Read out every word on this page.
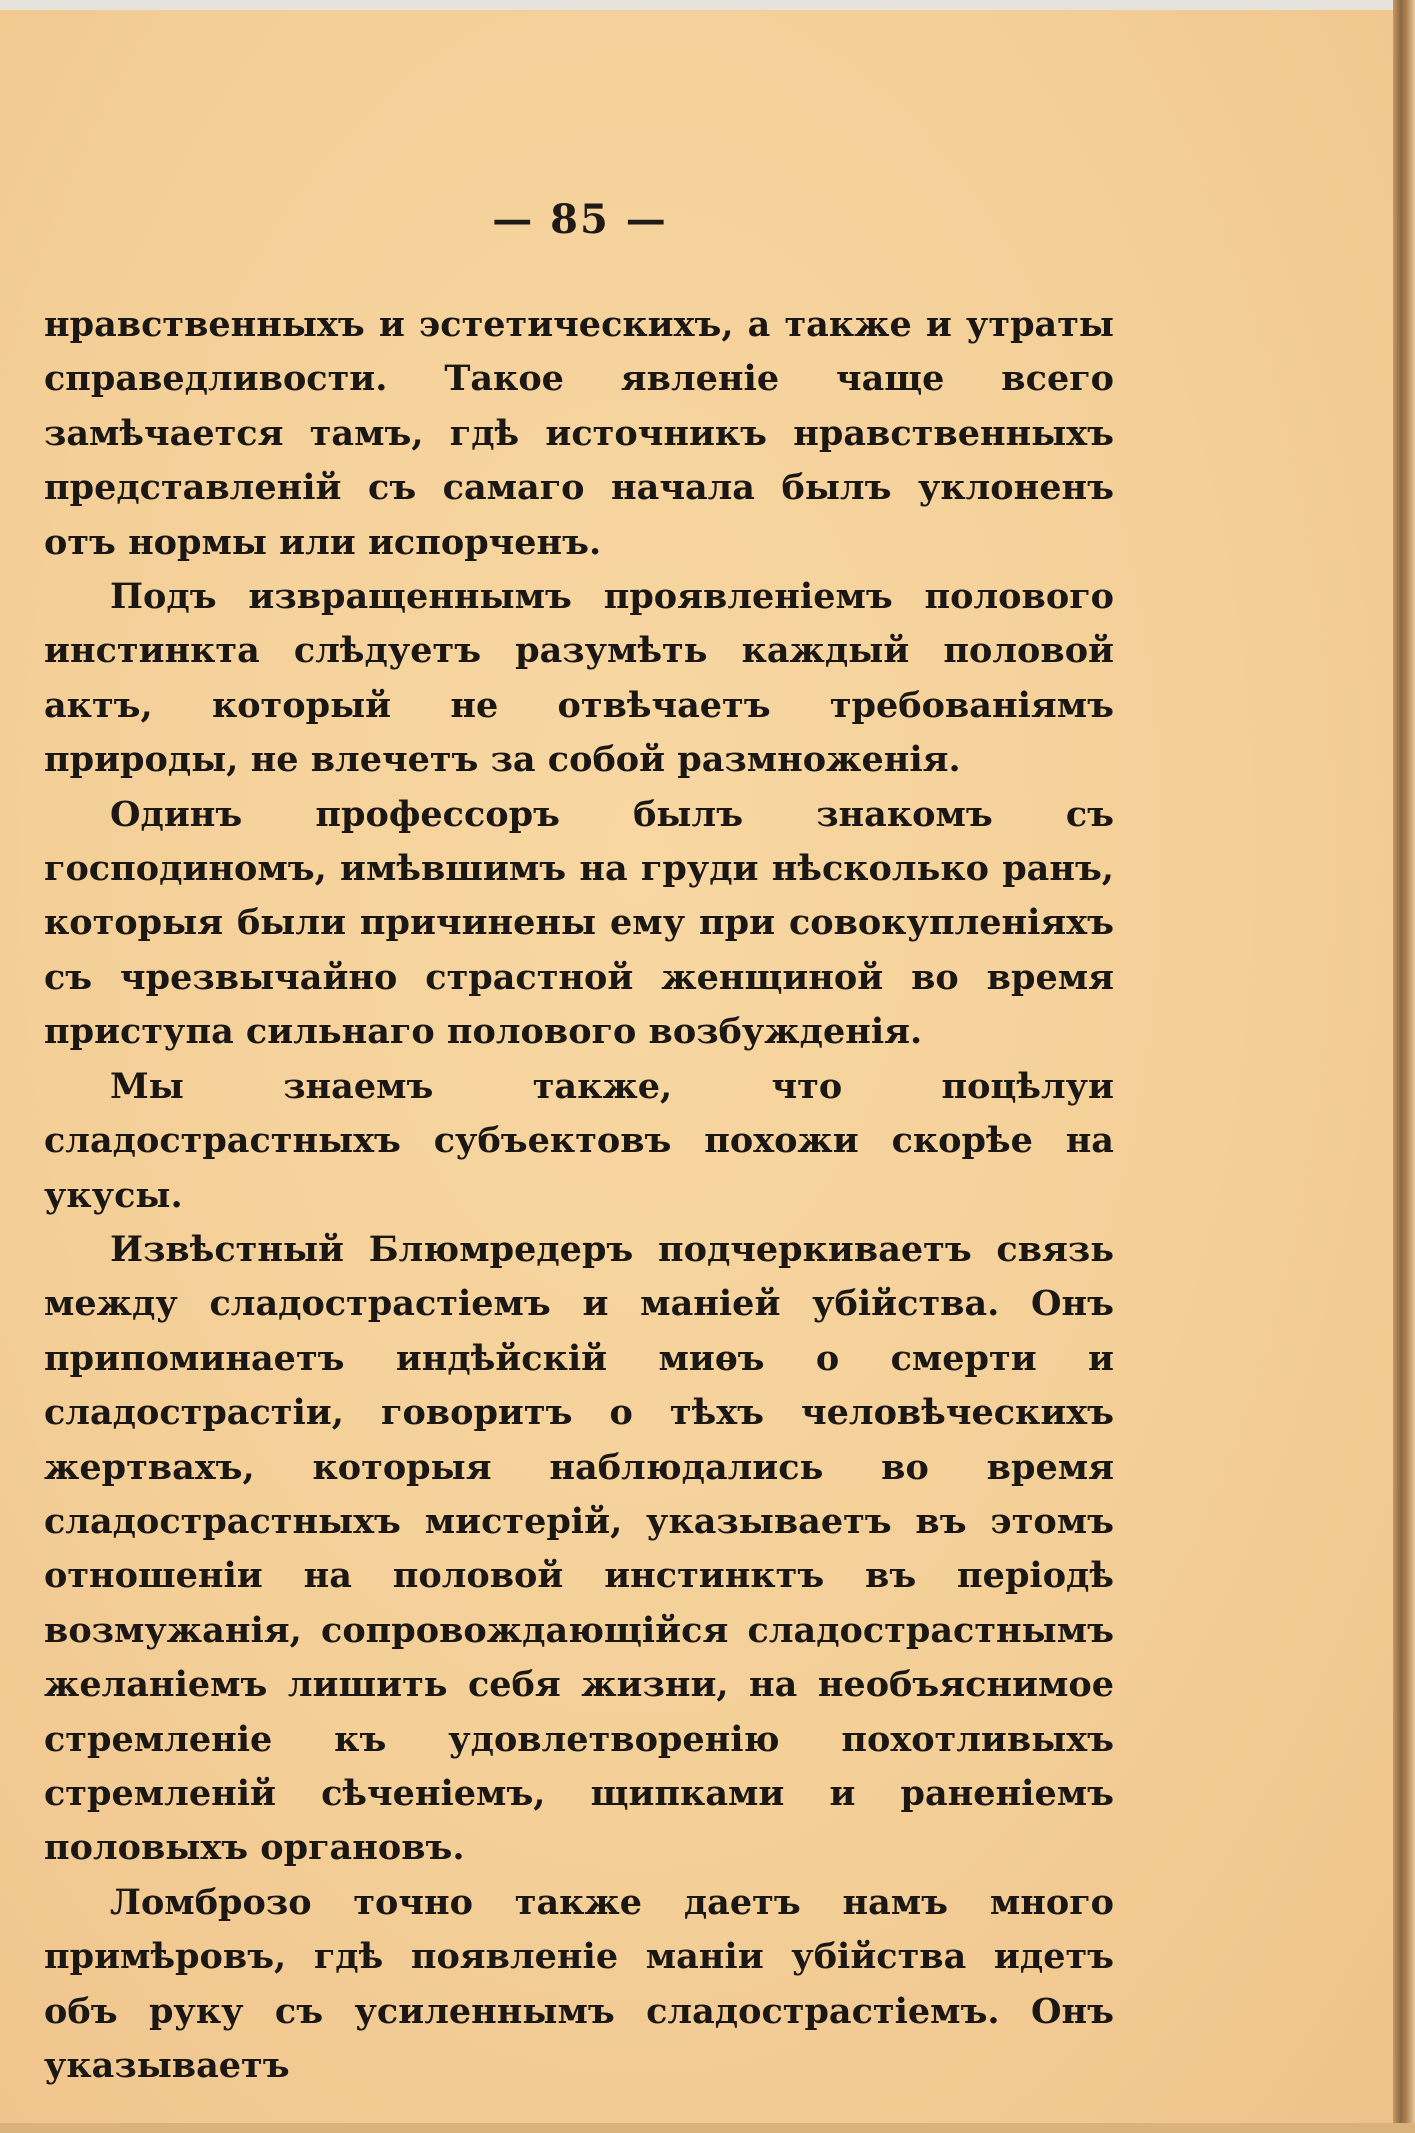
— 85 —

нравственныхъ и эстетическихъ, а также и утраты справедливости. Такое явленіе чаще всего замѣчается тамъ, гдѣ источникъ нравственныхъ представленій съ самаго начала былъ уклоненъ отъ нормы или испорченъ.

Подъ извращеннымъ проявленіемъ полового инстинкта слѣдуетъ разумѣть каждый половой актъ, который не отвѣчаетъ требованіямъ природы, не влечетъ за собой размноженія.

Одинъ профессоръ былъ знакомъ съ господиномъ, имѣвшимъ на груди нѣсколько ранъ, которыя были причинены ему при совокупленіяхъ съ чрезвычайно страстной женщиной во время приступа сильнаго полового возбужденія.

Мы знаемъ также, что поцѣлуи сладострастныхъ субъектовъ похожи скорѣе на укусы.

Извѣстный Блюмредеръ подчеркиваетъ связь между сладострастіемъ и маніей убійства. Онъ припоминаетъ индѣйскій миѳъ о смерти и сладострастіи, говоритъ о тѣхъ человѣческихъ жертвахъ, которыя наблюдались во время сладострастныхъ мистерій, указываетъ въ этомъ отношеніи на половой инстинктъ въ періодѣ возмужанія, сопровождающійся сладострастнымъ желаніемъ лишить себя жизни, на необъяснимое стремленіе къ удовлетворенію похотливыхъ стремленій сѣченіемъ, щипками и раненіемъ половыхъ органовъ.

Ломброзо точно также даетъ намъ много примѣровъ, гдѣ появленіе маніи убійства идетъ объ руку съ усиленнымъ сладострастіемъ. Онъ указываетъ
